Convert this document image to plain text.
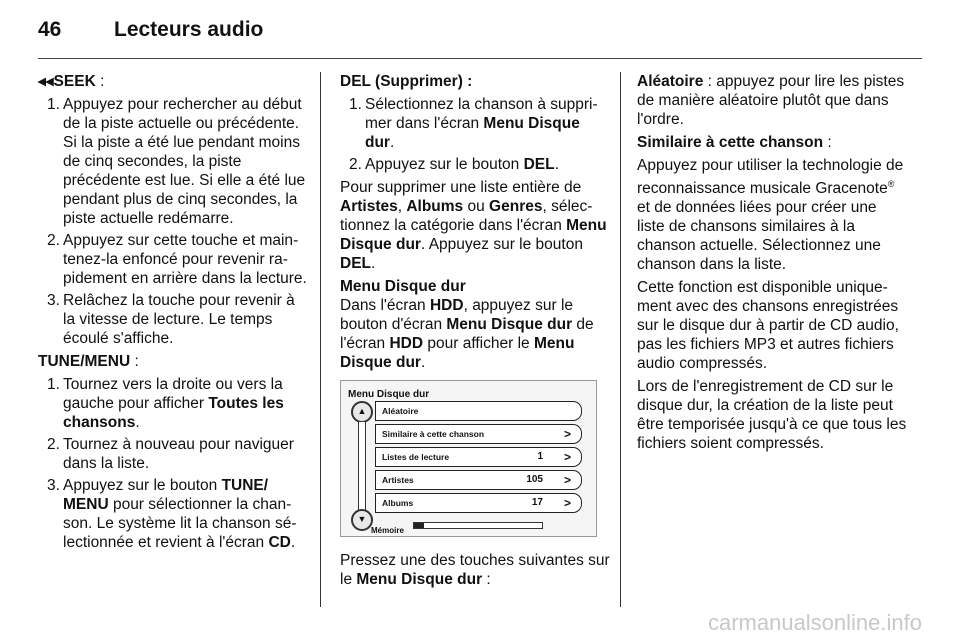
46	Lecteurs audio

◂◂SEEK :

1. Appuyez pour rechercher au début de la piste actuelle ou précédente. Si la piste a été lue pendant moins de cinq secondes, la piste précédente est lue. Si elle a été lue pendant plus de cinq secondes, la piste actuelle redémarre.
2. Appuyez sur cette touche et maintenez-la enfoncé pour revenir rapidement en arrière dans la lecture.
3. Relâchez la touche pour revenir à la vitesse de lecture. Le temps écoulé s'affiche.

TUNE/MENU :

1. Tournez vers la droite ou vers la gauche pour afficher Toutes les chansons.
2. Tournez à nouveau pour naviguer dans la liste.
3. Appuyez sur le bouton TUNE/ MENU pour sélectionner la chanson. Le système lit la chanson sélectionnée et revient à l'écran CD.

DEL (Supprimer) :

1. Sélectionnez la chanson à supprimer dans l'écran Menu Disque dur.
2. Appuyez sur le bouton DEL.

Pour supprimer une liste entière de Artistes, Albums ou Genres, sélectionnez la catégorie dans l'écran Menu Disque dur. Appuyez sur le bouton DEL.

Menu Disque dur

Dans l'écran HDD, appuyez sur le bouton d'écran Menu Disque dur de l'écran HDD pour afficher le Menu Disque dur.

Menu Disque dur
▲
▼
Aléatoire
Similaire à cette chanson	>
Listes de lecture	1 >
Artistes	105 >
Albums	17 >
Mémoire

Pressez une des touches suivantes sur le Menu Disque dur :

Aléatoire : appuyez pour lire les pistes de manière aléatoire plutôt que dans l'ordre.

Similaire à cette chanson :

Appuyez pour utiliser la technologie de reconnaissance musicale Gracenote® et de données liées pour créer une liste de chansons similaires à la chanson actuelle. Sélectionnez une chanson dans la liste.

Cette fonction est disponible uniquement avec des chansons enregistrées sur le disque dur à partir de CD audio, pas les fichiers MP3 et autres fichiers audio compressés.

Lors de l'enregistrement de CD sur le disque dur, la création de la liste peut être temporisée jusqu'à ce que tous les fichiers soient compressés.

carmanualsonline.info
